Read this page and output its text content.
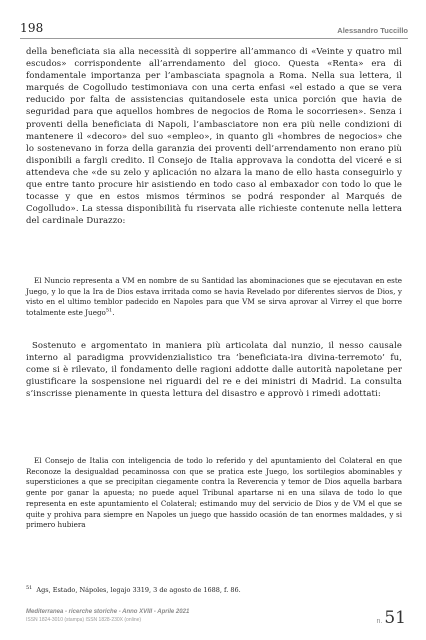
198	Alessandro Tuccillo

della beneficiata sia alla necessità di sopperire all’ammanco di «Veinte y quatro mil escudos» corrispondente all’arrendamento del gioco. Questa «Renta» era di fondamentale importanza per l’ambasciata spagnola a Roma. Nella sua lettera, il marqués de Cogolludo testimoniava con una certa enfasi «el estado a que se vera reducido por falta de assistencias quitandosele esta unica porción que havia de seguridad para que aquellos hombres de negocios de Roma le socorriesen». Senza i proventi della beneficiata di Napoli, l’ambasciatore non era più nelle condizioni di mantenere il «decoro» del suo «empleo», in quanto gli «hombres de negocios» che lo sostenevano in forza della garanzia dei proventi dell’arrendamento non erano più disponibili a fargli credito. Il Consejo de Italia approvava la condotta del viceré e si attendeva che «de su zelo y aplicación no alzara la mano de ello hasta conseguirlo y que entre tanto procure hir asistiendo en todo caso al embaxador con todo lo que le tocasse y que en estos mismos términos se podrá responder al Marqués de Cogolludo». La stessa disponibilità fu riservata alle richieste contenute nella lettera del cardinale Durazzo:

El Nuncio representa a VM en nombre de su Santidad las abominaciones que se ejecutavan en este Juego, y lo que la Ira de Dios estava irritada como se havia Revelado por diferentes siervos de Dios, y visto en el ultimo temblor padecido en Napoles para que VM se sirva aprovar al Virrey el que borre totalmente este Juego$^{51}$.

Sostenuto e argomentato in maniera più articolata dal nunzio, il nesso causale interno al paradigma provvidenzialistico tra ‘beneficiata-ira divina-terremoto’ fu, come si è rilevato, il fondamento delle ragioni addotte dalle autorità napoletane per giustificare la sospensione nei riguardi del re e dei ministri di Madrid. La consulta s’inscrisse pienamente in questa lettura del disastro e approvò i rimedi adottati:

El Consejo de Italia con inteligencia de todo lo referido y del apuntamiento del Colateral en que Reconoze la desigualdad pecaminossa con que se pratica este Juego, los sortilegios abominables y supersticiones a que se precipitan ciegamente contra la Reverencia y temor de Dios aquella barbara gente por ganar la apuesta; no puede aquel Tribunal apartarse ni en una silava de todo lo que representa en este apuntamiento el Colateral; estimando muy del servicio de Dios y de VM el que se quite y prohiva para siempre en Napoles un juego que hassido ocasión de tan enormes maldades, y si primero hubiera

$^{51}$ Ags, Estado, Nápoles, legajo 3319, 3 de agosto de 1688, f. 86.
Mediterranea - ricerche storiche - Anno XVIII - Aprile 2021
ISSN 1824-3010 (stampa) ISSN 1828-230X (online)	n. 51
